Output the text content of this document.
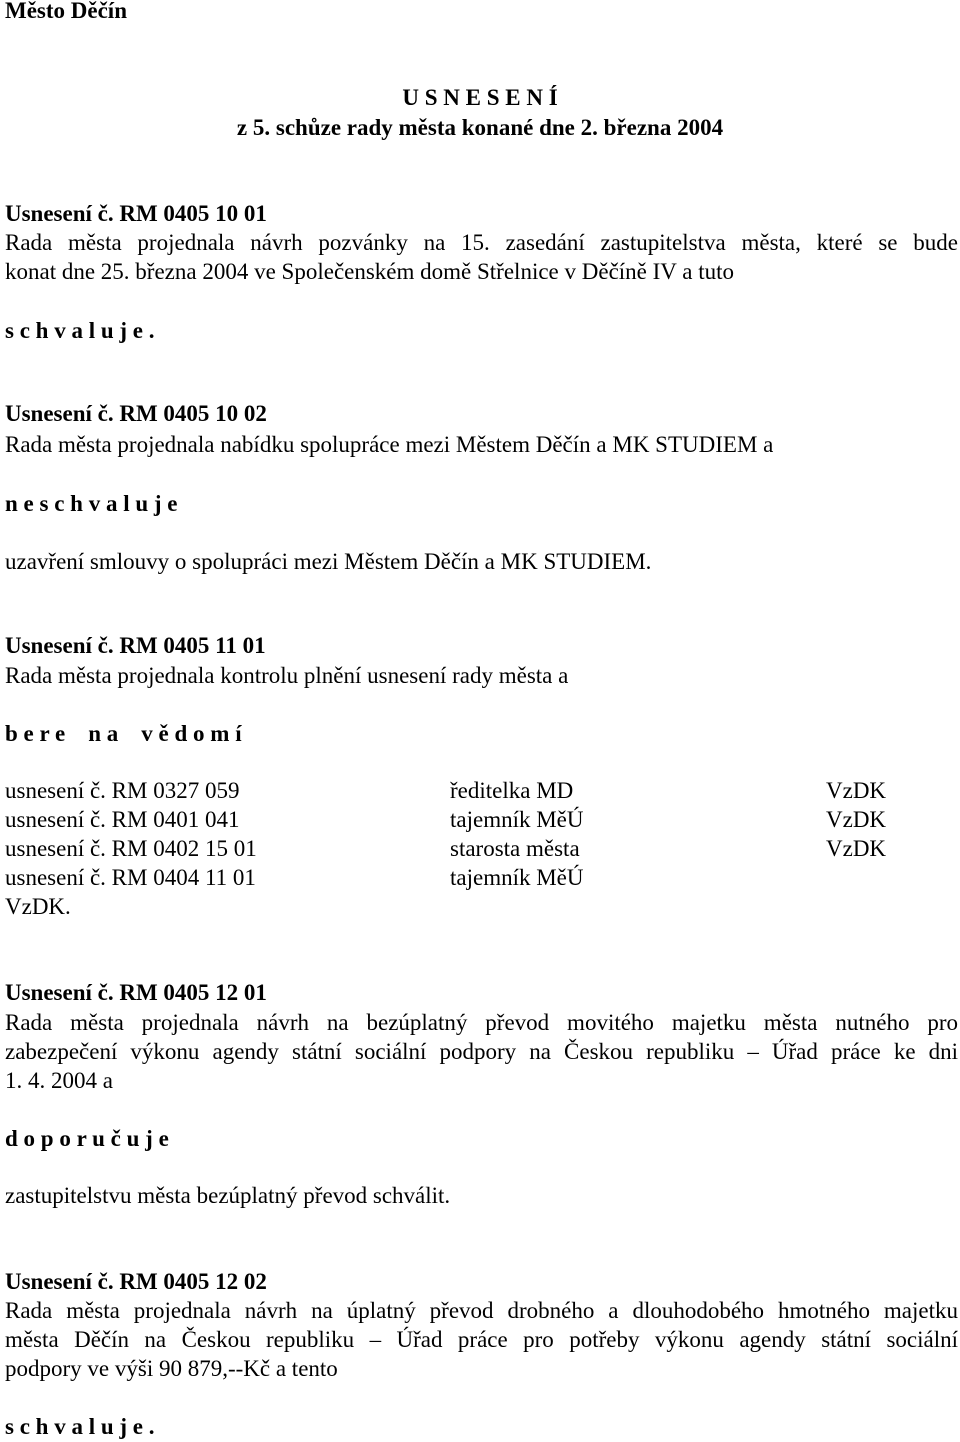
Město Děčín
U S N E S E N Í
z 5. schůze rady města konané dne 2. března 2004
Usnesení č. RM 0405 10 01
Rada města projednala návrh pozvánky na 15. zasedání zastupitelstva města, které se bude
konat dne 25. března 2004 ve Společenském domě Střelnice v Děčíně IV a tuto
s c h v a l u j e .
Usnesení č. RM 0405 10 02
Rada města projednala nabídku spolupráce mezi Městem Děčín a MK STUDIEM a
n e s c h v a l u j e
uzavření smlouvy o spolupráci mezi Městem Děčín a MK STUDIEM.
Usnesení č. RM 0405 11 01
Rada města projednala kontrolu plnění usnesení rady města a
b e r e    n a    v ě d o m í
usnesení č. RM 0327 059	ředitelka MD	VzDK
usnesení č. RM 0401 041	tajemník MěÚ	VzDK
usnesení č. RM 0402 15 01	starosta města	VzDK
usnesení č. RM 0404 11 01	tajemník MěÚ
VzDK.
Usnesení č. RM 0405 12 01
Rada města projednala návrh na bezúplatný převod movitého majetku města nutného pro
zabezpečení výkonu agendy státní sociální podpory na Českou republiku – Úřad práce ke dni
1. 4. 2004 a
d o p o r u č u j e
zastupitelstvu města bezúplatný převod schválit.
Usnesení č. RM 0405 12 02
Rada města projednala návrh na úplatný převod drobného a dlouhodobého hmotného majetku
města Děčín na Českou republiku – Úřad práce pro potřeby výkonu agendy státní sociální
podpory ve výši 90 879,--Kč a tento
s c h v a l u j e .
